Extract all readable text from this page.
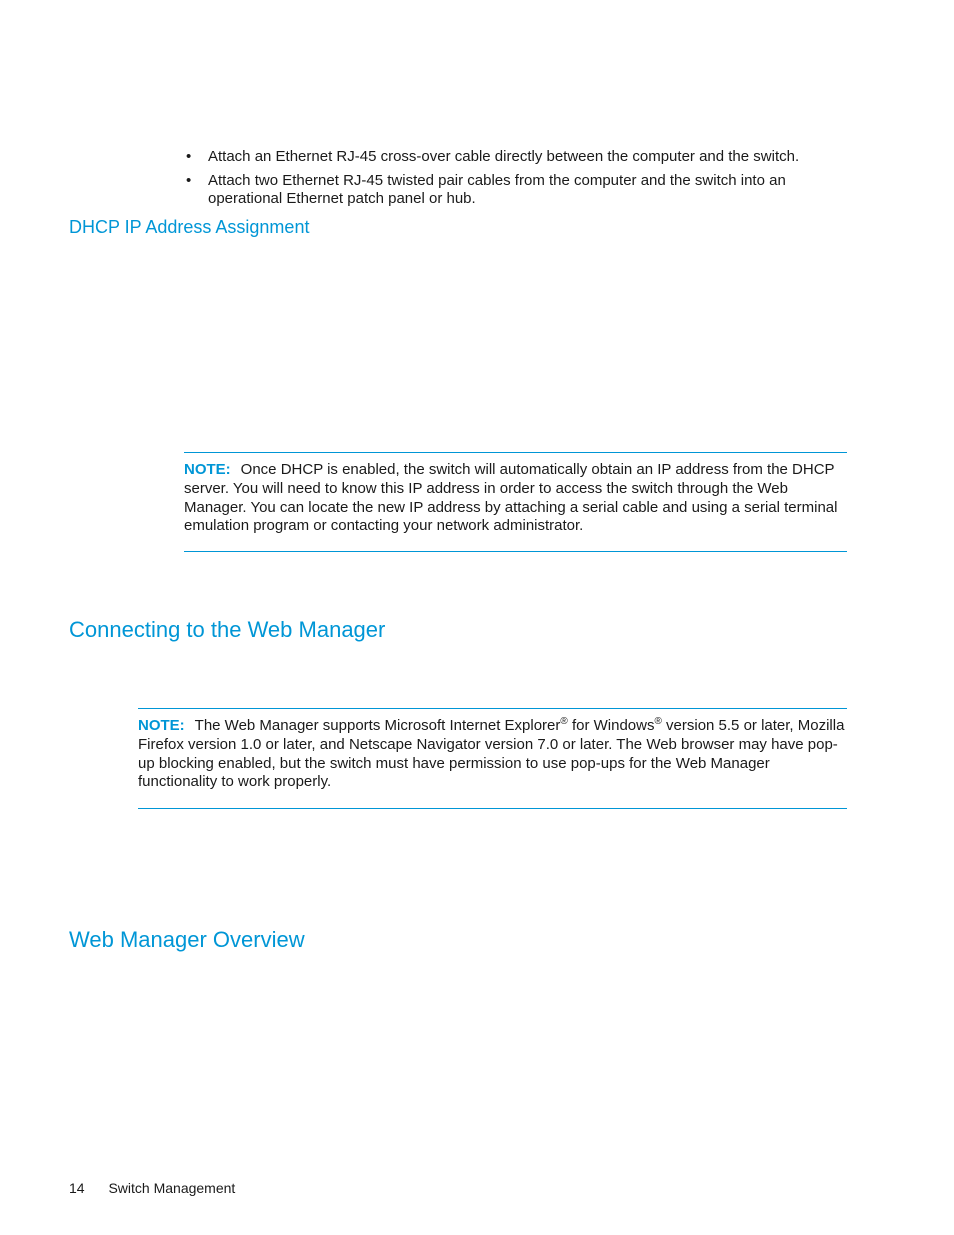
• Attach an Ethernet RJ-45 cross-over cable directly between the computer and the switch.
• Attach two Ethernet RJ-45 twisted pair cables from the computer and the switch into an operational Ethernet patch panel or hub.
DHCP IP Address Assignment
NOTE: Once DHCP is enabled, the switch will automatically obtain an IP address from the DHCP server. You will need to know this IP address in order to access the switch through the Web Manager. You can locate the new IP address by attaching a serial cable and using a serial terminal emulation program or contacting your network administrator.
Connecting to the Web Manager
NOTE: The Web Manager supports Microsoft Internet Explorer® for Windows® version 5.5 or later, Mozilla Firefox version 1.0 or later, and Netscape Navigator version 7.0 or later. The Web browser may have pop-up blocking enabled, but the switch must have permission to use pop-ups for the Web Manager functionality to work properly.
Web Manager Overview
14 Switch Management
